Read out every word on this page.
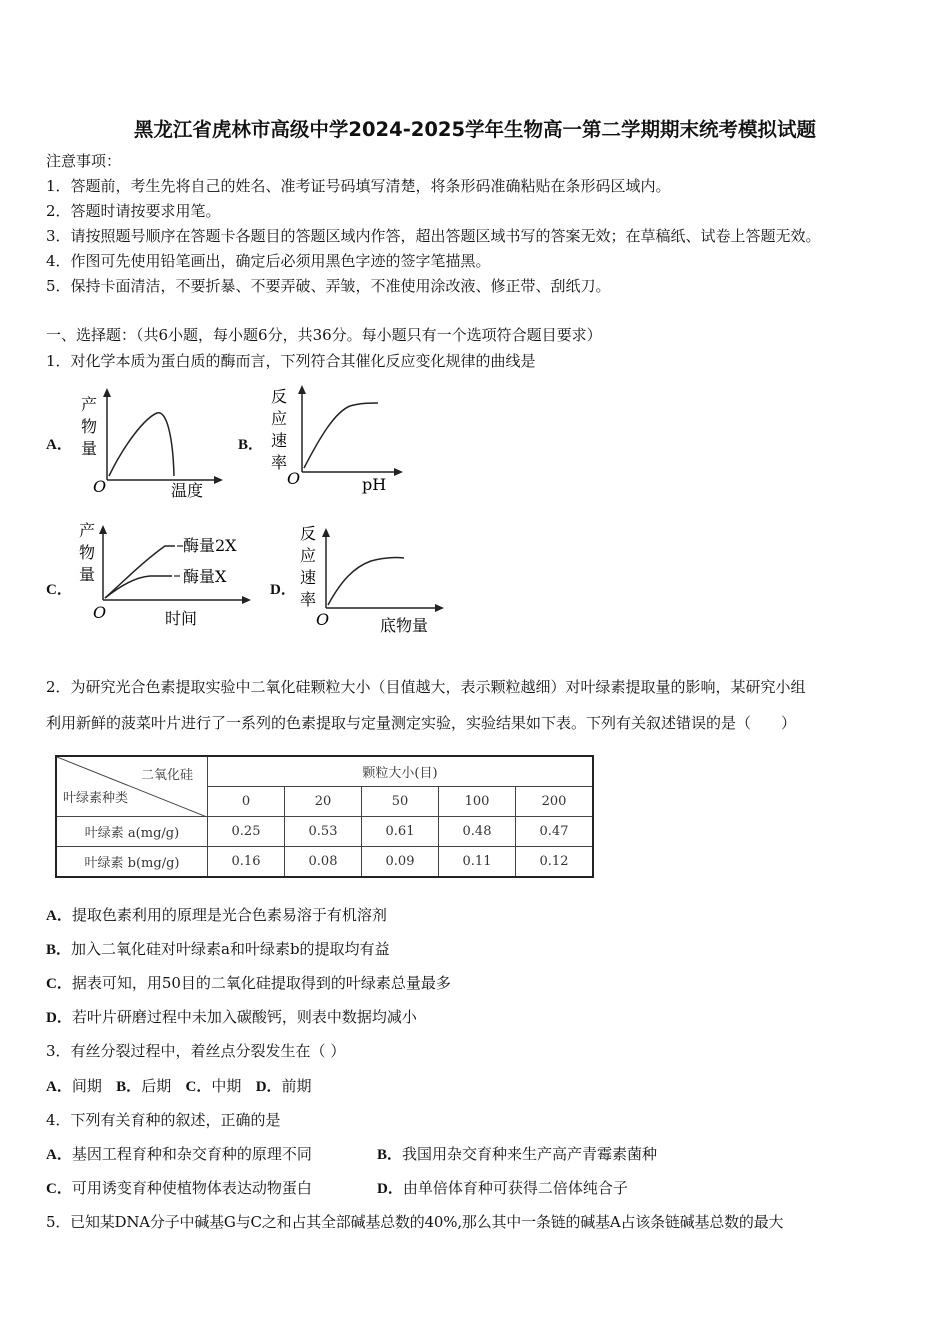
黑龙江省虎林市高级中学2024-2025学年生物高一第二学期期末统考模拟试题
注意事项：
1．答题前，考生先将自己的姓名、准考证号码填写清楚，将条形码准确粘贴在条形码区域内。
2．答题时请按要求用笔。
3．请按照题号顺序在答题卡各题目的答题区域内作答，超出答题区域书写的答案无效；在草稿纸、试卷上答题无效。
4．作图可先使用铅笔画出，确定后必须用黑色字迹的签字笔描黑。
5．保持卡面清洁，不要折暴、不要弄破、弄皱，不准使用涂改液、修正带、刮纸刀。
一、选择题：（共6小题，每小题6分，共36分。每小题只有一个选项符合题目要求）
1．对化学本质为蛋白质的酶而言，下列符合其催化反应变化规律的曲线是
A．
产
物
量
O	温度
B．
反
应
速
率
O	pH
C．
产
物
量
酶量2X
酶量X
O	时间
D．
反
应
速
率
O	底物量
2．为研究光合色素提取实验中二氧化硅颗粒大小（目值越大，表示颗粒越细）对叶绿素提取量的影响，某研究小组
利用新鲜的菠菜叶片进行了一系列的色素提取与定量测定实验，实验结果如下表。下列有关叙述错误的是（　　）
二氧化硅
叶绿素种类	颗粒大小(目)				
	0	20	50	100	200
叶绿素 a(mg/g)	0.25	0.53	0.61	0.48	0.47
叶绿素 b(mg/g)	0.16	0.08	0.09	0.11	0.12
A．提取色素利用的原理是光合色素易溶于有机溶剂
B．加入二氧化硅对叶绿素a和叶绿素b的提取均有益
C．据表可知，用50目的二氧化硅提取得到的叶绿素总量最多
D．若叶片研磨过程中未加入碳酸钙，则表中数据均减小
3．有丝分裂过程中，着丝点分裂发生在（ ）
A．间期 B．后期 C．中期 D．前期
4．下列有关育种的叙述，正确的是
A．基因工程育种和杂交育种的原理不同	B．我国用杂交育种来生产高产青霉素菌种
C．可用诱变育种使植物体表达动物蛋白	D．由单倍体育种可获得二倍体纯合子
5．已知某DNA分子中碱基G与C之和占其全部碱基总数的40%,那么其中一条链的碱基A占该条链碱基总数的最大
